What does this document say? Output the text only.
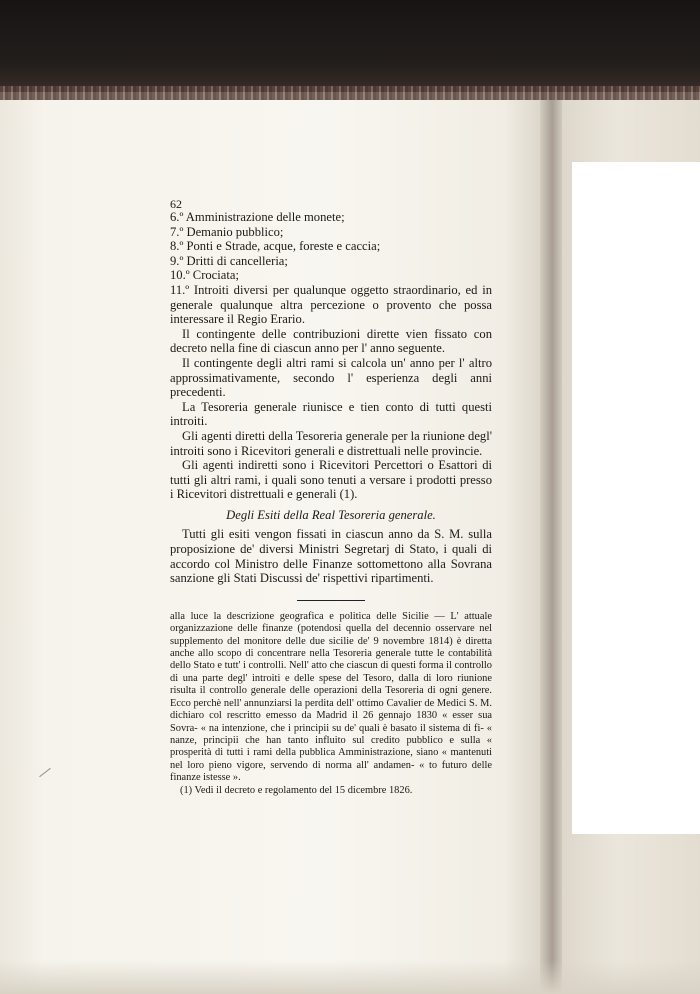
62

6.º Amministrazione delle monete;

7.º Demanio pubblico;

8.º Ponti e Strade, acque, foreste e caccia;

9.º Dritti di cancelleria;

10.º Crociata;

11.º Introiti diversi per qualunque oggetto straordinario, ed in generale qualunque altra percezione o provento che possa interessare il Regio Erario.

Il contingente delle contribuzioni dirette vien fissato con decreto nella fine di ciascun anno per l' anno seguente.

Il contingente degli altri rami si calcola un' anno per l' altro approssimativamente, secondo l' esperienza degli anni precedenti.

La Tesoreria generale riunisce e tien conto di tutti questi introiti.

Gli agenti diretti della Tesoreria generale per la riunione degl' introiti sono i Ricevitori generali e distrettuali nelle provincie.

Gli agenti indiretti sono i Ricevitori Percettori o Esattori di tutti gli altri rami, i quali sono tenuti a versare i prodotti presso i Ricevitori distrettuali e generali (1).

Degli Esiti della Real Tesoreria generale.

Tutti gli esiti vengon fissati in ciascun anno da S. M. sulla proposizione de' diversi Ministri Segretarj di Stato, i quali di accordo col Ministro delle Finanze sottomettono alla Sovrana sanzione gli Stati Discussi de' rispettivi ripartimenti.

alla luce la descrizione geografica e politica delle Sicilie — L' attuale organizzazione delle finanze (potendosi quella del decennio osservare nel supplemento del monitore delle due sicilie de' 9 novembre 1814) è diretta anche allo scopo di concentrare nella Tesoreria generale tutte le contabilità dello Stato e tutt' i controlli. Nell' atto che ciascun di questi forma il controllo di una parte degl' introiti e delle spese del Tesoro, dalla di loro riunione risulta il controllo generale delle operazioni della Tesoreria di ogni genere. Ecco perchè nell' annunziarsi la perdita dell' ottimo Cavalier de Medici S. M. dichiaro col rescritto emesso da Madrid il 26 gennajo 1830 « esser sua Sovra- « na intenzione, che i principii su de' quali è basato il sistema di fi- « nanze, principii che han tanto influito sul credito pubblico e sulla « prosperità di tutti i rami della pubblica Amministrazione, siano « mantenuti nel loro pieno vigore, servendo di norma all' andamen- « to futuro delle finanze istesse ».

(1) Vedi il decreto e regolamento del 15 dicembre 1826.
